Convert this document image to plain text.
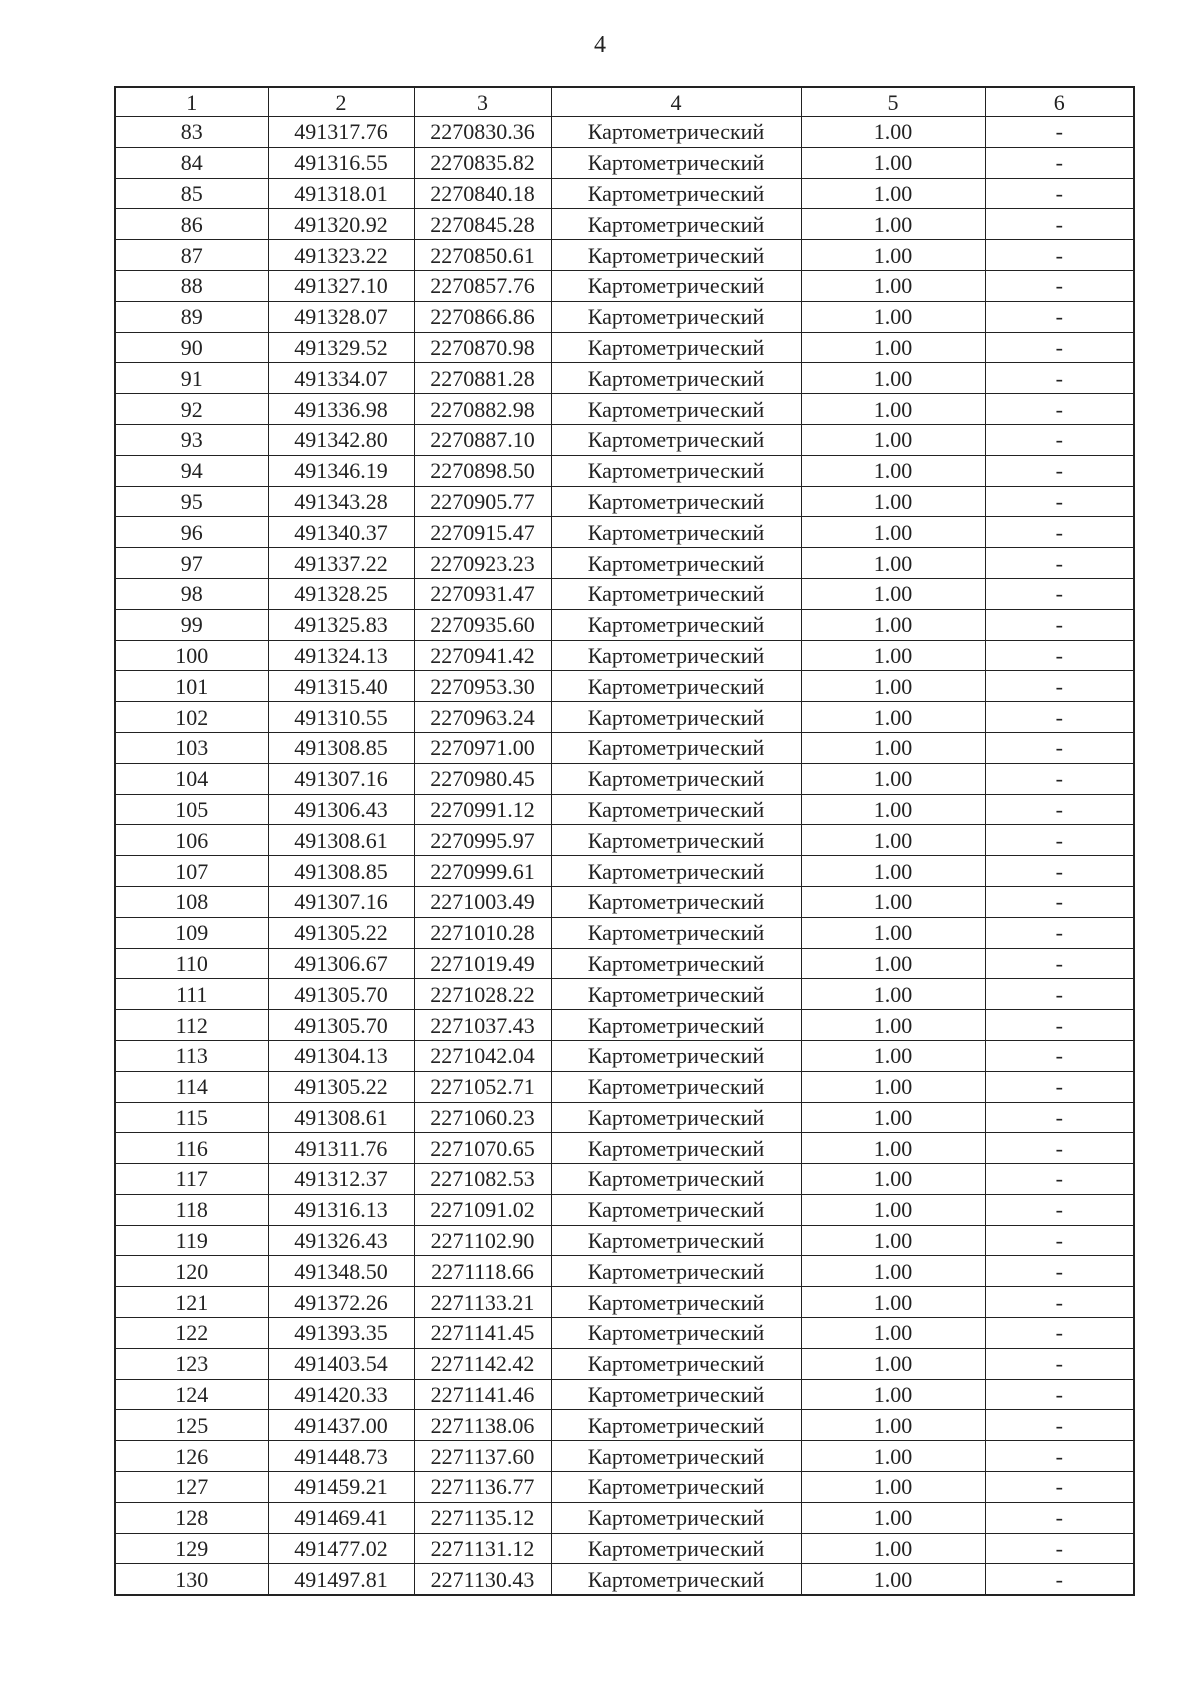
4
1	2	3	4	5	6
83	491317.76	2270830.36	Картометрический	1.00	-
84	491316.55	2270835.82	Картометрический	1.00	-
85	491318.01	2270840.18	Картометрический	1.00	-
86	491320.92	2270845.28	Картометрический	1.00	-
87	491323.22	2270850.61	Картометрический	1.00	-
88	491327.10	2270857.76	Картометрический	1.00	-
89	491328.07	2270866.86	Картометрический	1.00	-
90	491329.52	2270870.98	Картометрический	1.00	-
91	491334.07	2270881.28	Картометрический	1.00	-
92	491336.98	2270882.98	Картометрический	1.00	-
93	491342.80	2270887.10	Картометрический	1.00	-
94	491346.19	2270898.50	Картометрический	1.00	-
95	491343.28	2270905.77	Картометрический	1.00	-
96	491340.37	2270915.47	Картометрический	1.00	-
97	491337.22	2270923.23	Картометрический	1.00	-
98	491328.25	2270931.47	Картометрический	1.00	-
99	491325.83	2270935.60	Картометрический	1.00	-
100	491324.13	2270941.42	Картометрический	1.00	-
101	491315.40	2270953.30	Картометрический	1.00	-
102	491310.55	2270963.24	Картометрический	1.00	-
103	491308.85	2270971.00	Картометрический	1.00	-
104	491307.16	2270980.45	Картометрический	1.00	-
105	491306.43	2270991.12	Картометрический	1.00	-
106	491308.61	2270995.97	Картометрический	1.00	-
107	491308.85	2270999.61	Картометрический	1.00	-
108	491307.16	2271003.49	Картометрический	1.00	-
109	491305.22	2271010.28	Картометрический	1.00	-
110	491306.67	2271019.49	Картометрический	1.00	-
111	491305.70	2271028.22	Картометрический	1.00	-
112	491305.70	2271037.43	Картометрический	1.00	-
113	491304.13	2271042.04	Картометрический	1.00	-
114	491305.22	2271052.71	Картометрический	1.00	-
115	491308.61	2271060.23	Картометрический	1.00	-
116	491311.76	2271070.65	Картометрический	1.00	-
117	491312.37	2271082.53	Картометрический	1.00	-
118	491316.13	2271091.02	Картометрический	1.00	-
119	491326.43	2271102.90	Картометрический	1.00	-
120	491348.50	2271118.66	Картометрический	1.00	-
121	491372.26	2271133.21	Картометрический	1.00	-
122	491393.35	2271141.45	Картометрический	1.00	-
123	491403.54	2271142.42	Картометрический	1.00	-
124	491420.33	2271141.46	Картометрический	1.00	-
125	491437.00	2271138.06	Картометрический	1.00	-
126	491448.73	2271137.60	Картометрический	1.00	-
127	491459.21	2271136.77	Картометрический	1.00	-
128	491469.41	2271135.12	Картометрический	1.00	-
129	491477.02	2271131.12	Картометрический	1.00	-
130	491497.81	2271130.43	Картометрический	1.00	-
